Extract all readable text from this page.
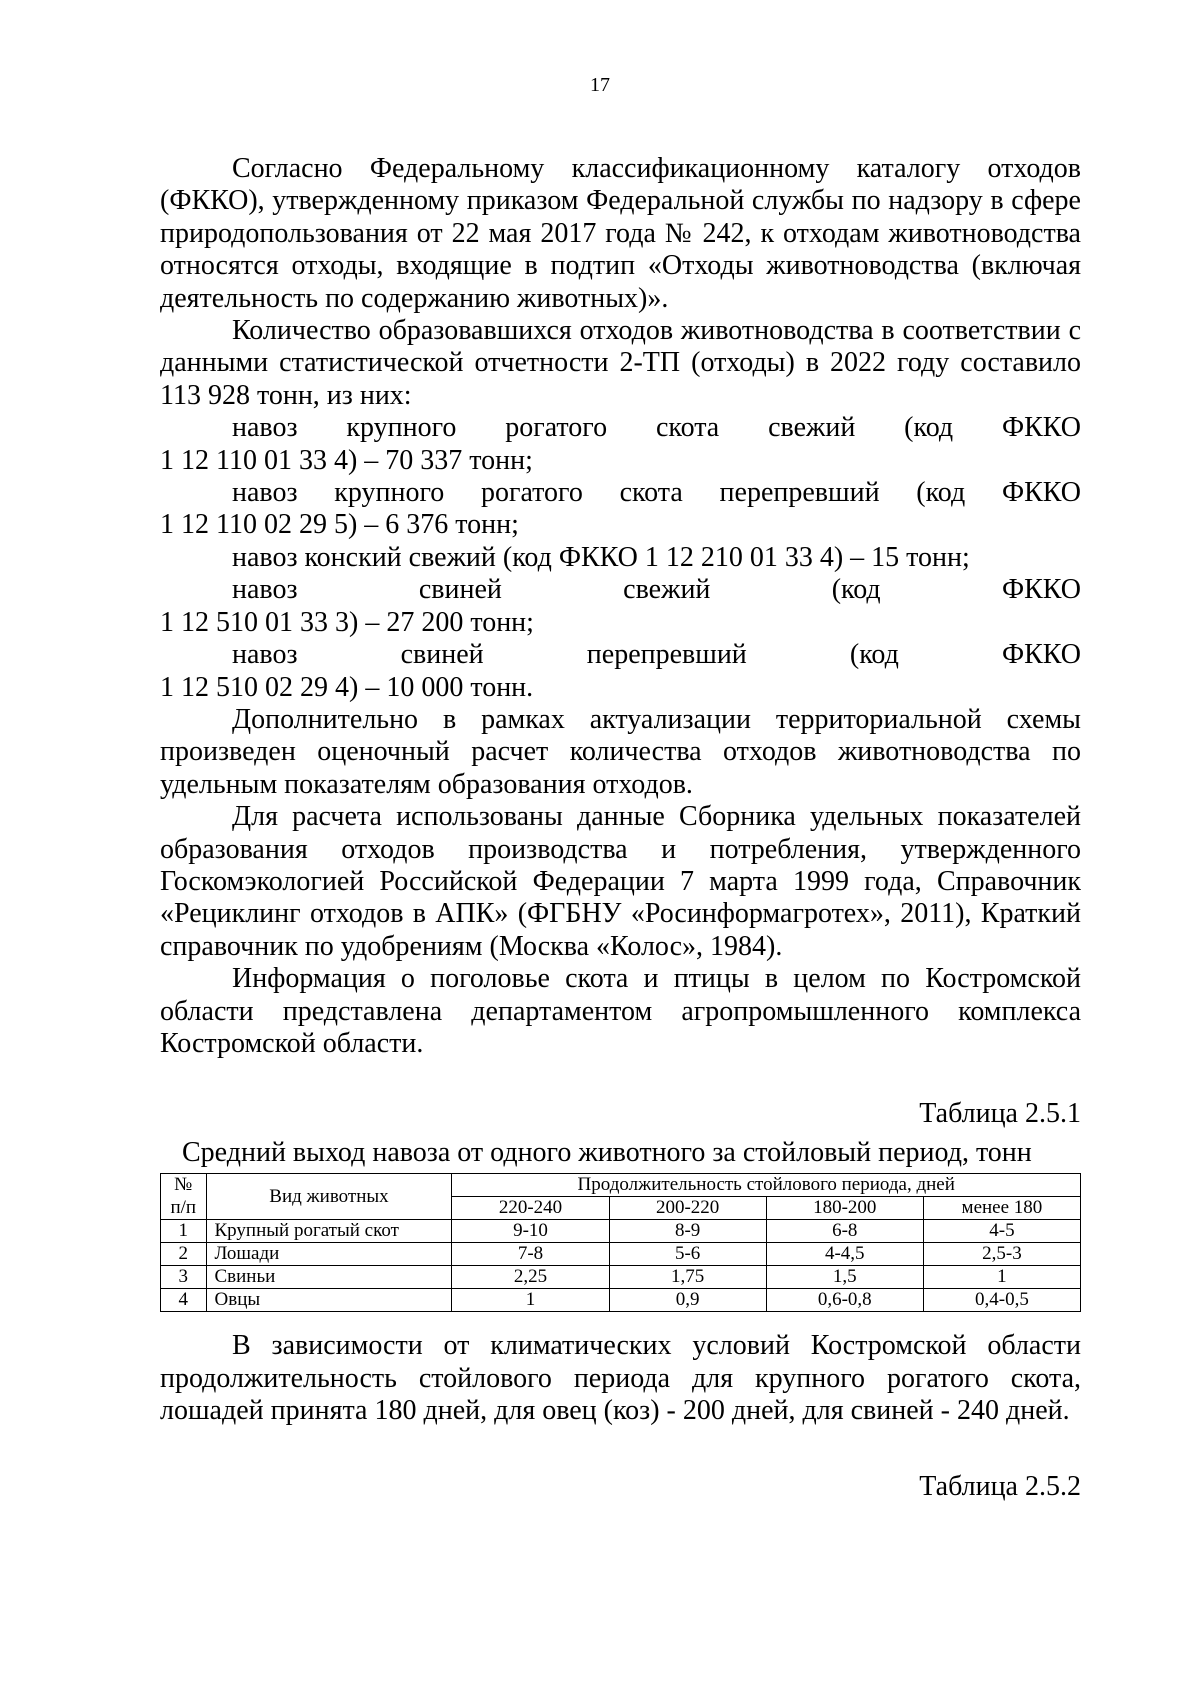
17

Согласно Федеральному классификационному каталогу отходов (ФККО), утвержденному приказом Федеральной службы по надзору в сфере природопользования от 22 мая 2017 года № 242, к отходам животноводства относятся отходы, входящие в подтип «Отходы животноводства (включая деятельность по содержанию животных)».

Количество образовавшихся отходов животноводства в соответствии с данными статистической отчетности 2-ТП (отходы) в 2022 году составило 113 928 тонн, из них:

навоз крупного рогатого скота свежий (код ФККО

1 12 110 01 33 4) – 70 337 тонн;

навоз крупного рогатого скота перепревший (код ФККО

1 12 110 02 29 5) – 6 376 тонн;

навоз конский свежий (код ФККО 1 12 210 01 33 4) – 15 тонн;

навоз свиней свежий (код ФККО

1 12 510 01 33 3) – 27 200 тонн;

навоз свиней перепревший (код ФККО

1 12 510 02 29 4) – 10 000 тонн.

Дополнительно в рамках актуализации территориальной схемы произведен оценочный расчет количества отходов животноводства по удельным показателям образования отходов.

Для расчета использованы данные Сборника удельных показателей образования отходов производства и потребления, утвержденного Госкомэкологией Российской Федерации 7 марта 1999 года, Справочник «Рециклинг отходов в АПК» (ФГБНУ «Росинформагротех», 2011), Краткий справочник по удобрениям (Москва «Колос», 1984).

Информация о поголовье скота и птицы в целом по Костромской области представлена департаментом агропромышленного комплекса Костромской области.

Таблица 2.5.1

Средний выход навоза от одного животного за стойловый период, тонн

№	Вид животных	Продолжительность стойлового периода, дней			
п/п		220-240	200-220	180-200	менее 180
1	Крупный рогатый скот	9-10	8-9	6-8	4-5
2	Лошади	7-8	5-6	4-4,5	2,5-3
3	Свиньи	2,25	1,75	1,5	1
4	Овцы	1	0,9	0,6-0,8	0,4-0,5

В зависимости от климатических условий Костромской области продолжительность стойлового периода для крупного рогатого скота, лошадей принята 180 дней, для овец (коз) - 200 дней, для свиней - 240 дней.

Таблица 2.5.2
